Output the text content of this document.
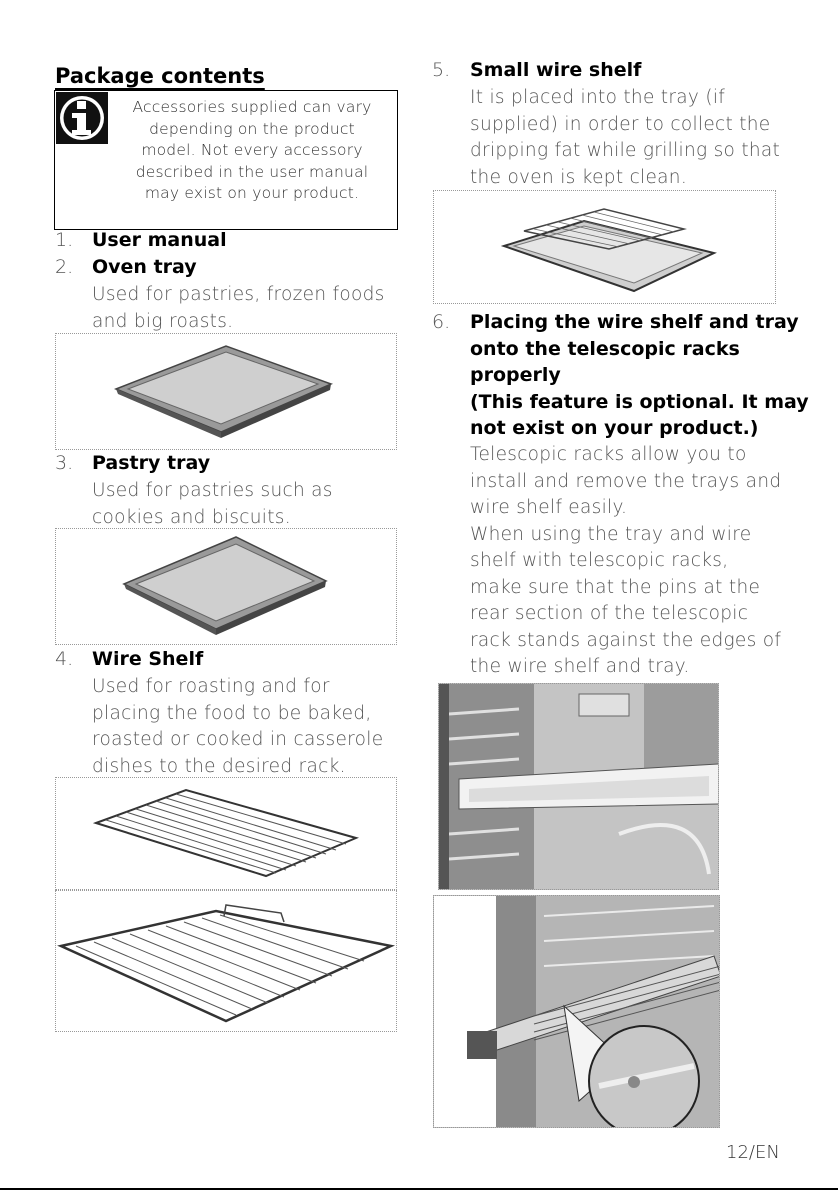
Package contents
Accessories supplied can vary
depending on the product
model. Not every accessory
described in the user manual
may exist on your product.
1. User manual
2. Oven tray
Used for pastries, frozen foods
and big roasts.
3. Pastry tray
Used for pastries such as
cookies and biscuits.
4. Wire Shelf
Used for roasting and for
placing the food to be baked,
roasted or cooked in casserole
dishes to the desired rack.
5. Small wire shelf
It is placed into the tray (if
supplied) in order to collect the
dripping fat while grilling so that
the oven is kept clean.
6. Placing the wire shelf and tray
onto the telescopic racks
properly
(This feature is optional. It may
not exist on your product.)
Telescopic racks allow you to
install and remove the trays and
wire shelf easily.
When using the tray and wire
shelf with telescopic racks,
make sure that the pins at the
rear section of the telescopic
rack stands against the edges of
the wire shelf and tray.
12/EN
